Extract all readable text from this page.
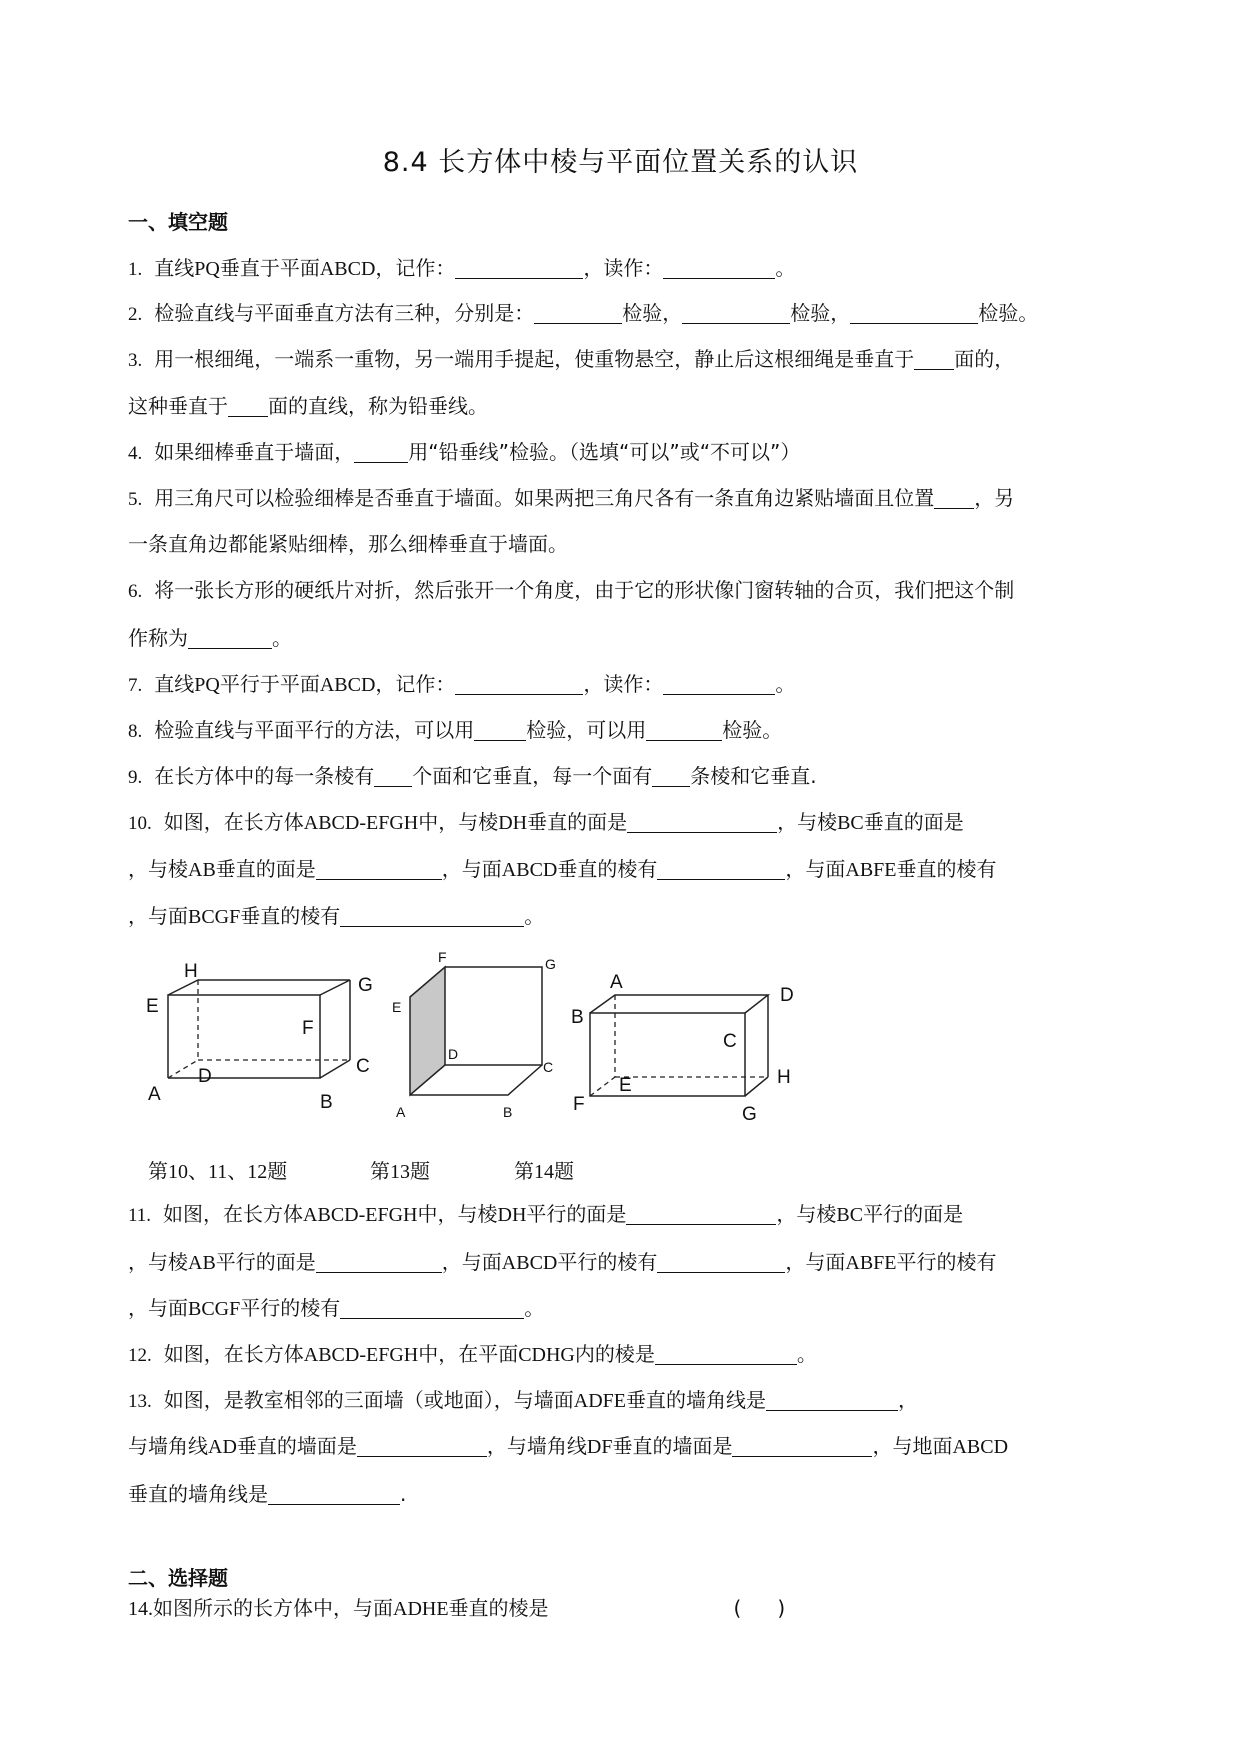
8.4 长方体中棱与平面位置关系的认识
一、填空题
1. 直线PQ垂直于平面ABCD，记作：	，读作：	。
2. 检验直线与平面垂直方法有三种，分别是：	检验，	检验，	检验。
3. 用一根细绳，一端系一重物，另一端用手提起，使重物悬空，静止后这根细绳是垂直于 面的，
这种垂直于 面的直线，称为铅垂线。
4. 如果细棒垂直于墙面，	用“铅垂线”检验。（选填“可以”或“不可以”）
5. 用三角尺可以检验细棒是否垂直于墙面。如果两把三角尺各有一条直角边紧贴墙面且位置 ，另
一条直角边都能紧贴细棒，那么细棒垂直于墙面。
6. 将一张长方形的硬纸片对折，然后张开一个角度，由于它的形状像门窗转轴的合页，我们把这个制
作称为	。
7. 直线PQ平行于平面ABCD，记作：	，读作：	。
8. 检验直线与平面平行的方法，可以用	检验，可以用	检验。
9. 在长方体中的每一条棱有 个面和它垂直，每一个面有 条棱和它垂直.
10. 如图，在长方体ABCD-EFGH中，与棱DH垂直的面是	，与棱BC垂直的面是
，与棱AB垂直的面是	，与面ABCD垂直的棱有	，与面ABFE垂直的棱有
，与面BCGF垂直的棱有	。
H
G
E
F
D	C
A	B
F	G
E
D
C
A	B
A
D
B
C
E	H
F	G
第10、11、12题	第13题	第14题
11. 如图，在长方体ABCD-EFGH中，与棱DH平行的面是	，与棱BC平行的面是
，与棱AB平行的面是	，与面ABCD平行的棱有	，与面ABFE平行的棱有
，与面BCGF平行的棱有	。
12. 如图，在长方体ABCD-EFGH中，在平面CDHG内的棱是	。
13. 如图，是教室相邻的三面墙（或地面），与墙面ADFE垂直的墙角线是	，
与墙角线AD垂直的墙面是	，与墙角线DF垂直的墙面是	，与地面ABCD
垂直的墙角线是	.
二、选择题
14.如图所示的长方体中，与面ADHE垂直的棱是	( )
